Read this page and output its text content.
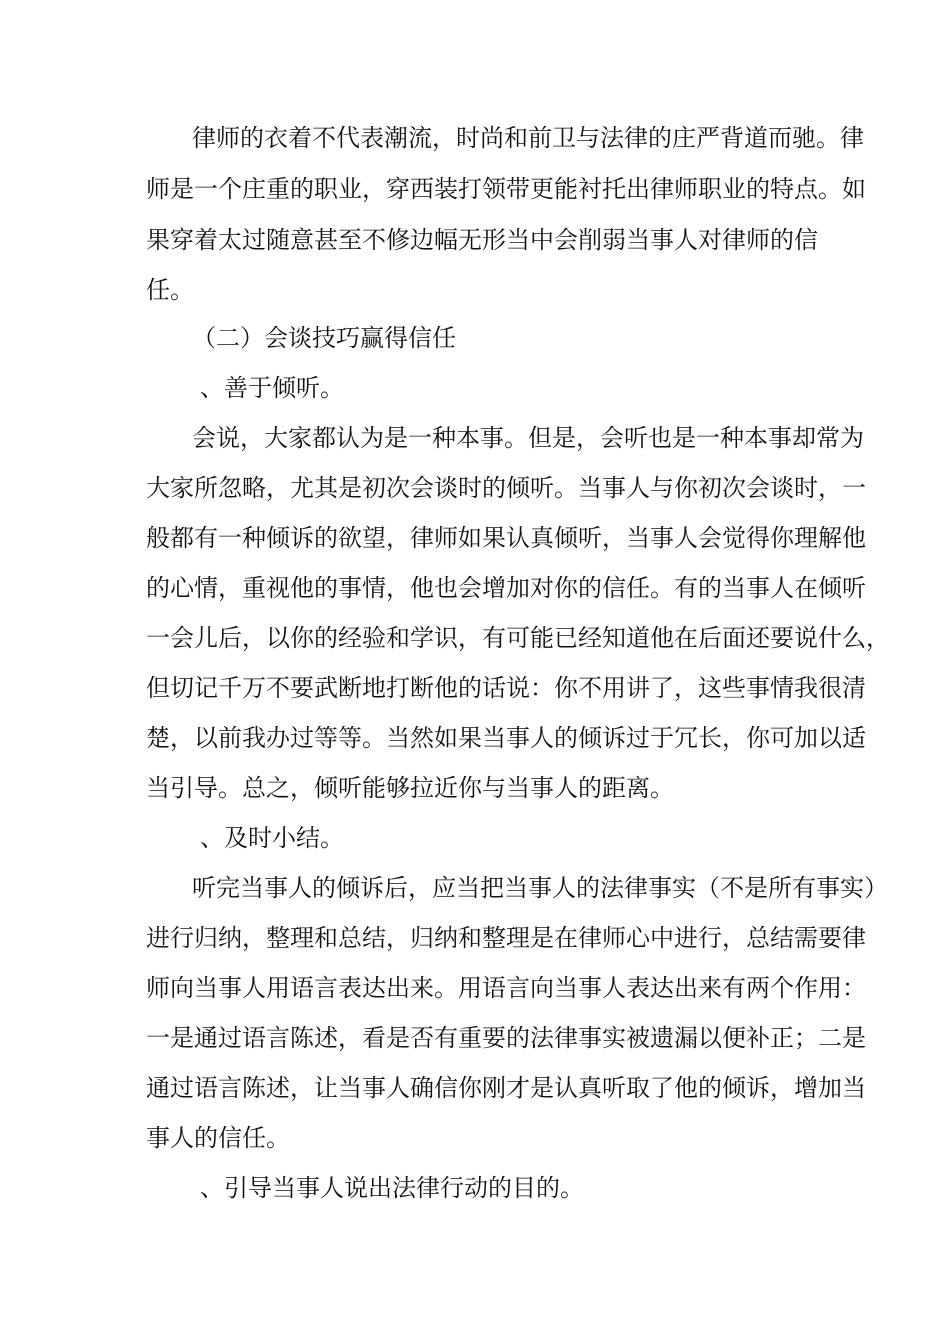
律师的衣着不代表潮流，时尚和前卫与法律的庄严背道而驰。律
师是一个庄重的职业，穿西装打领带更能衬托出律师职业的特点。如
果穿着太过随意甚至不修边幅无形当中会削弱当事人对律师的信
任。
（二）会谈技巧赢得信任
、善于倾听。
会说，大家都认为是一种本事。但是，会听也是一种本事却常为
大家所忽略，尤其是初次会谈时的倾听。当事人与你初次会谈时，一
般都有一种倾诉的欲望，律师如果认真倾听，当事人会觉得你理解他
的心情，重视他的事情，他也会增加对你的信任。有的当事人在倾听
一会儿后，以你的经验和学识，有可能已经知道他在后面还要说什么，
但切记千万不要武断地打断他的话说：你不用讲了，这些事情我很清
楚，以前我办过等等。当然如果当事人的倾诉过于冗长，你可加以适
当引导。总之，倾听能够拉近你与当事人的距离。
、及时小结。
听完当事人的倾诉后，应当把当事人的法律事实（不是所有事实）
进行归纳，整理和总结，归纳和整理是在律师心中进行，总结需要律
师向当事人用语言表达出来。用语言向当事人表达出来有两个作用：
一是通过语言陈述，看是否有重要的法律事实被遗漏以便补正；二是
通过语言陈述，让当事人确信你刚才是认真听取了他的倾诉，增加当
事人的信任。
、引导当事人说出法律行动的目的。
